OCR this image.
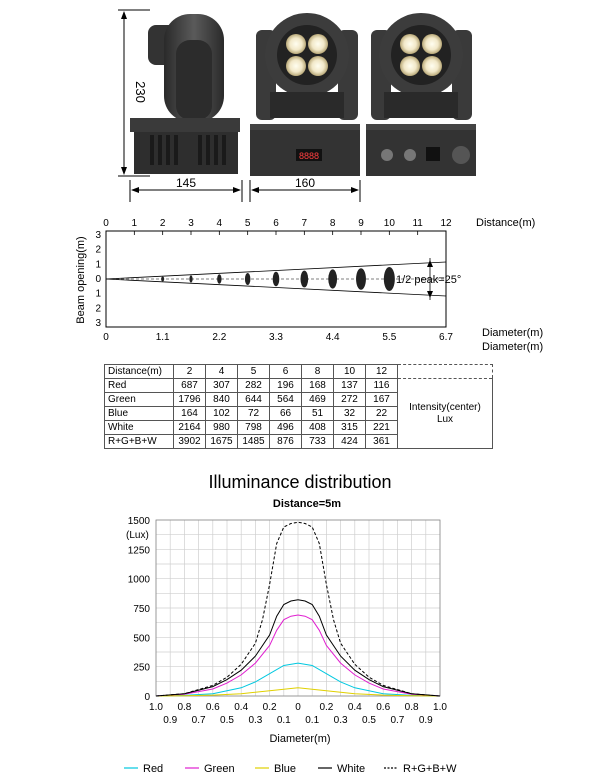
8888
230
145	160
0 1 2 3 4 5 6 7 8 9 10 11 12 Distance(m)
3
2
1
0
1
2
3
Beam opening(m)	1/2 peak=25°
0	1.1	2.2	3.3	4.4	5.5	6.7	Diameter(m)
Diameter(m)
Distance(m)	2	4	5	6	8	10	12	
Red	687	307	282	196	168	137	116	Intensity(center)
Lux

Green	1796	840	644	564	469	272	167	
Blue	164	102	72	66	51	32	22	
White	2164	980	798	496	408	315	221	
R+G+B+W	3902	1675	1485	876	733	424	361	
Illuminance distribution
Distance=5m
1500
1250
1000
750
500
250
0
(Lux)
1.0 0.8 0.6 0.4 0.2 0 0.2 0.4 0.6 0.8 1.0
0.9 0.7 0.5 0.3 0.1 0.1 0.3 0.5 0.7 0.9
Diameter(m)
Red	Green	Blue	White	R+G+B+W
